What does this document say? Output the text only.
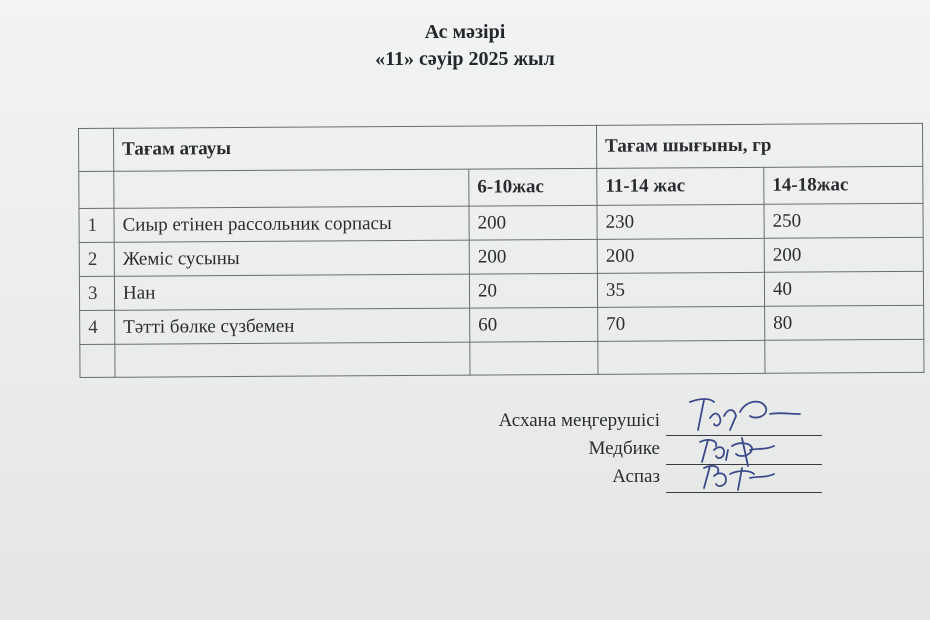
Ас мәзірі
«11» сәуір 2025 жыл
	Тағам атауы		Тағам шығыны, гр	
		6-10жас	11-14 жас	14-18жас
1	Сиыр етінен рассольник сорпасы	200	230	250
2	Жеміс сусыны	200	200	200
3	Нан	20	35	40
4	Тәтті бөлке сүзбемен	60	70	80

Асхана меңгерушісі
Медбике
Аспаз
